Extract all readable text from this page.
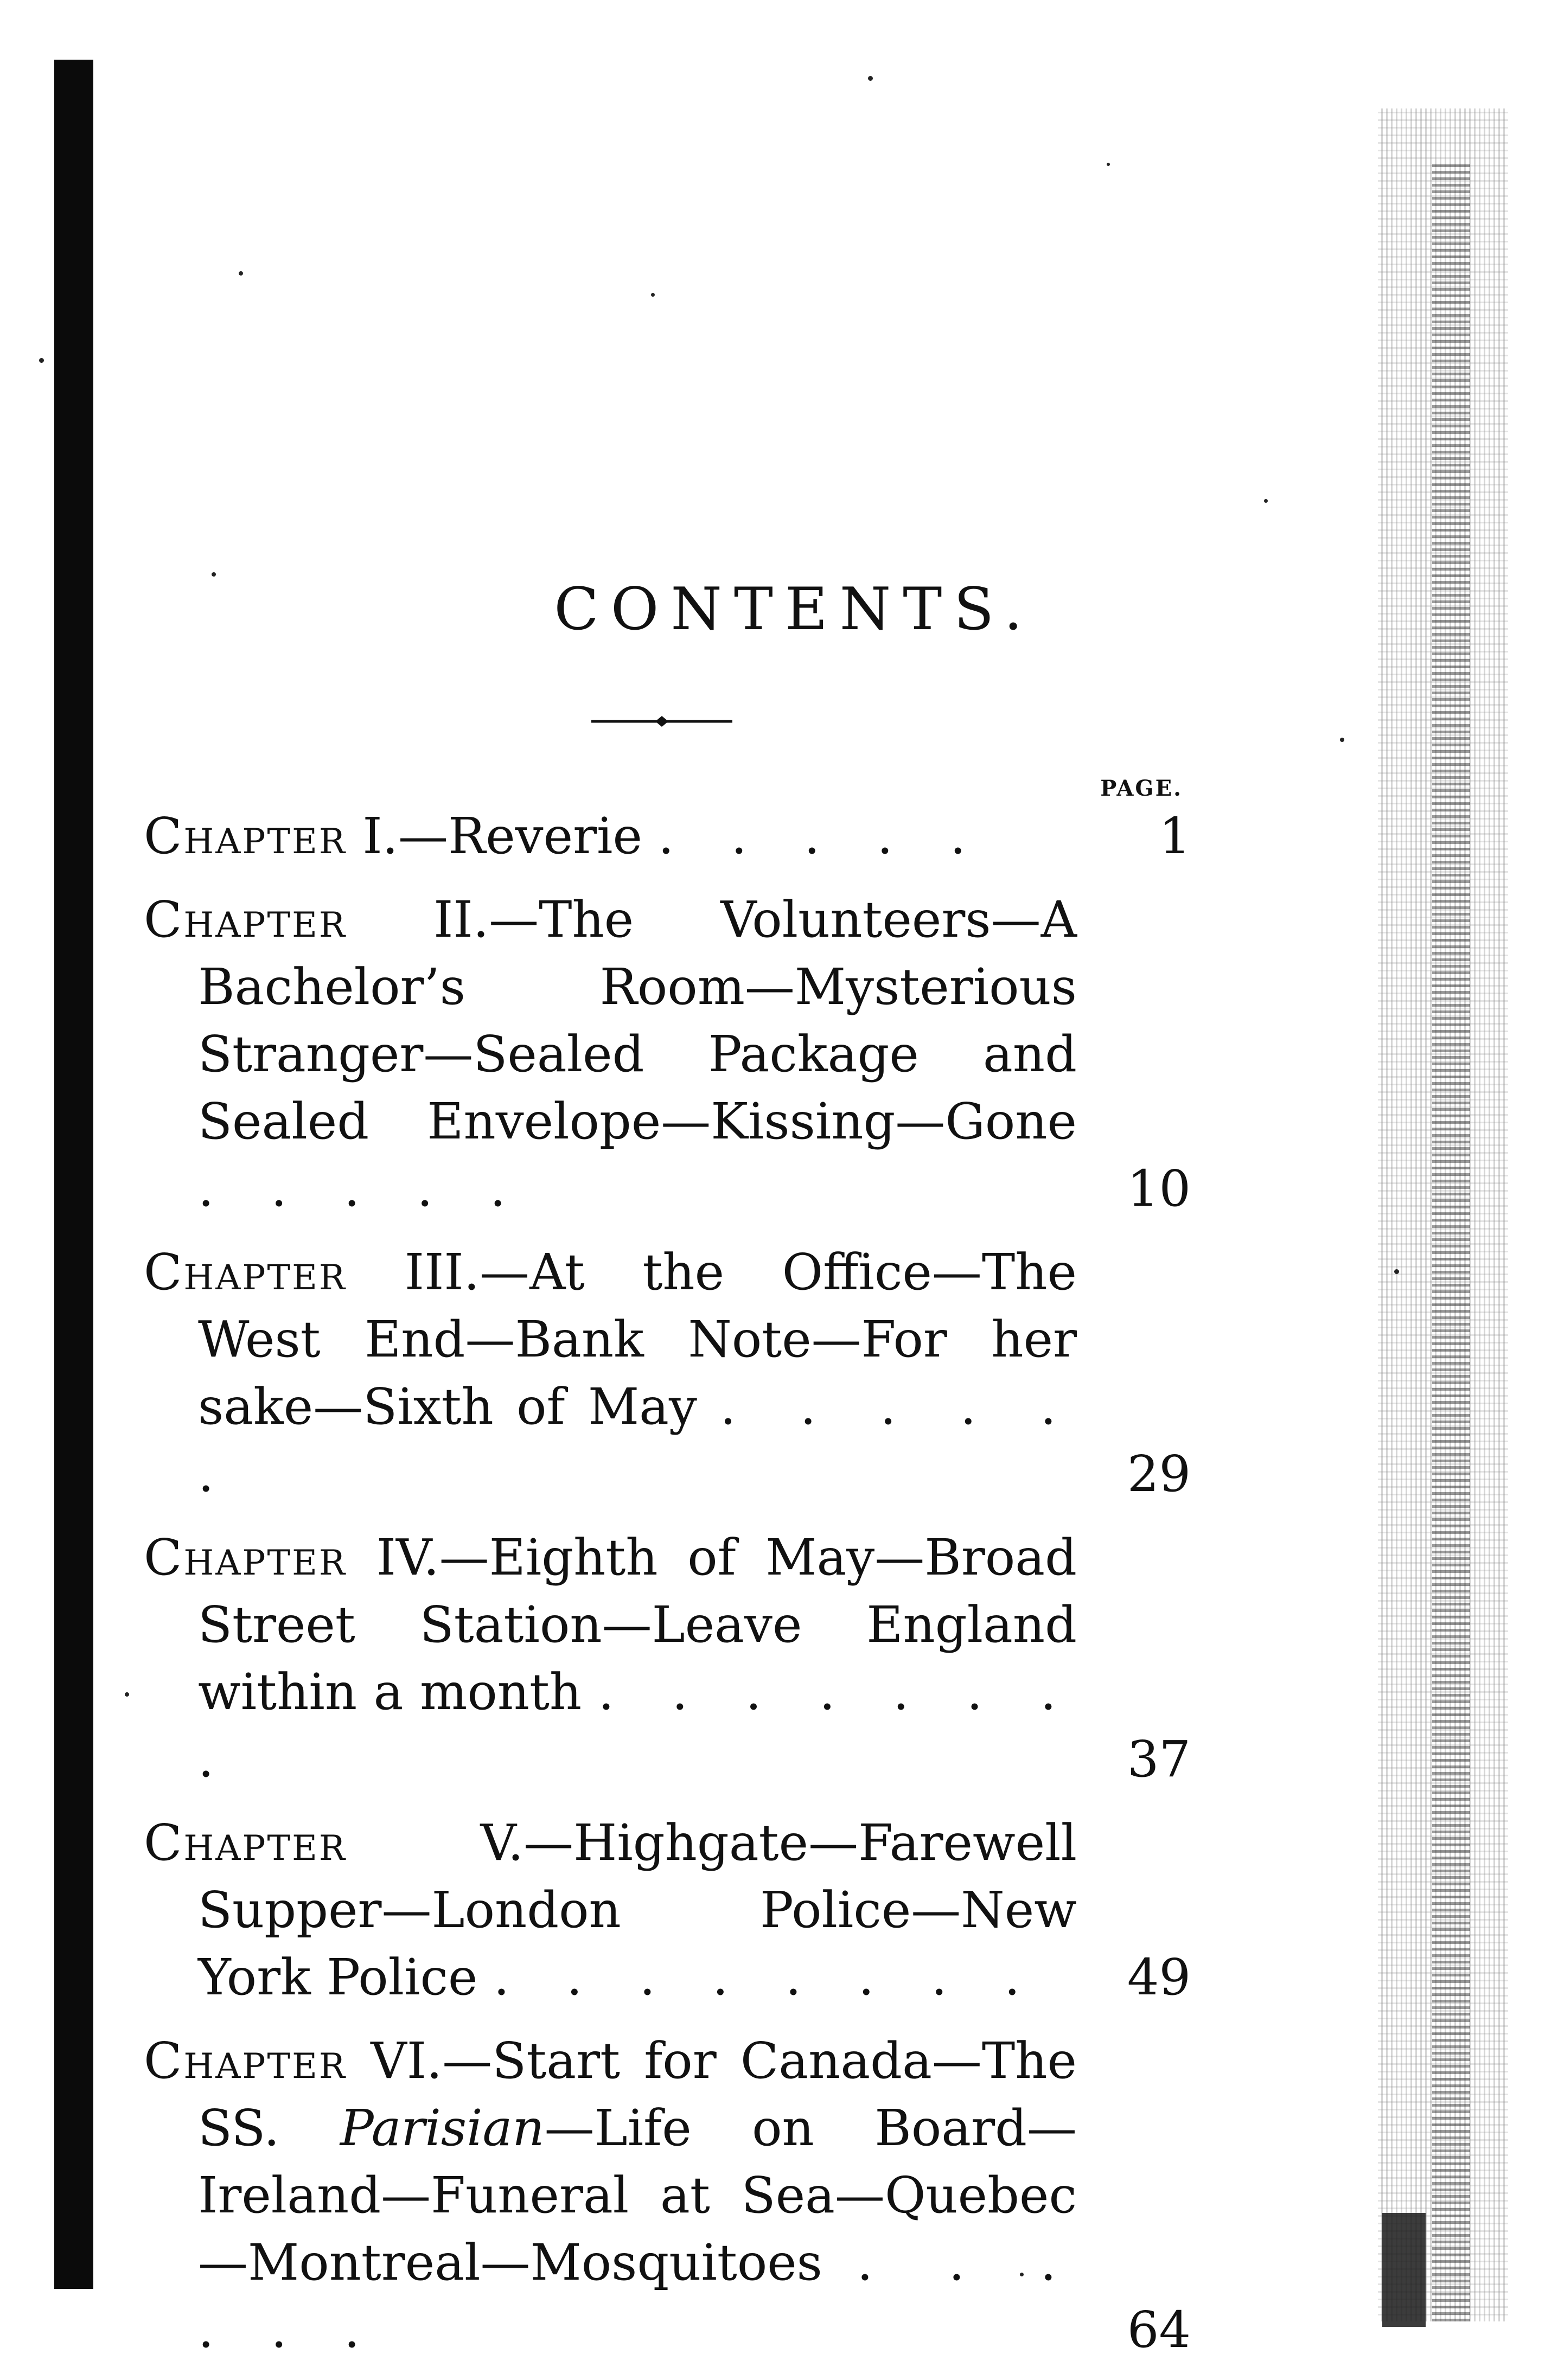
CONTENTS.
PAGE.
Chapter I.—Reverie . . . . .	1
Chapter II.—The Volunteers—A Bachelor’s Room—Mysterious Stranger—Sealed Package and Sealed Envelope—Kissing—Gone . . . . .	10
Chapter III.—At the Office—The West End—Bank Note—For her sake—Sixth of May . . . . . .	29
Chapter IV.—Eighth of May—Broad Street Station—Leave England within a month . . . . . . . .	37
Chapter	V.—Highgate—Farewell Supper—London Police—New York Police . . . . . . . .	49
Chapter VI.—Start for Canada—The SS. Parisian—Life on Board—Ireland—Funeral at Sea—Quebec—Montreal—Mosquitoes . . . . . .	64
